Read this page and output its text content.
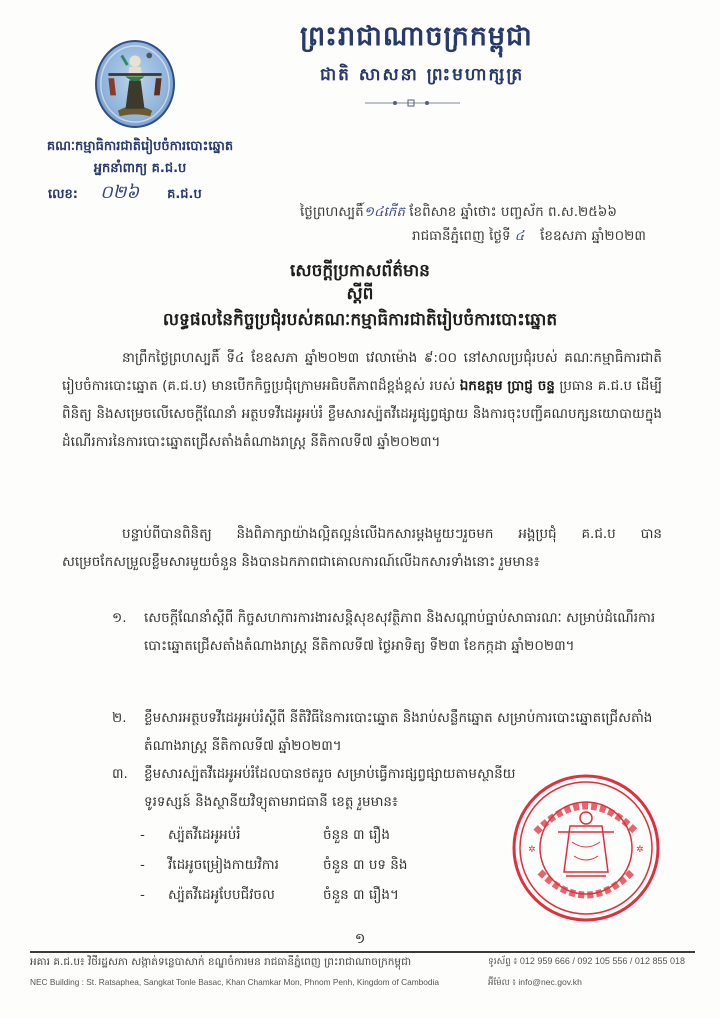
ព្រះរាជាណាចក្រកម្ពុជា
ជាតិ សាសនា ព្រះមហាក្សត្រ
គណៈកម្មាធិការជាតិរៀបចំការបោះឆ្នោត
អ្នកនាំពាក្យ គ.ជ.ប
លេខ: ០២៦ គ.ជ.ប
ថ្ងៃព្រហស្បតិ៍១៤កើត ខែពិសាខ ឆ្នាំថោះ បញ្ចស័ក ព.ស.២៥៦៦
រាជធានីភ្នំពេញ ថ្ងៃទី ៤ ខែឧសភា ឆ្នាំ២០២៣
សេចក្តីប្រកាសព័ត៌មាន
ស្តីពី
លទ្ធផលនៃកិច្ចប្រជុំរបស់គណៈកម្មាធិការជាតិរៀបចំការបោះឆ្នោត
នាព្រឹកថ្ងៃព្រហស្បតិ៍ ទី៤ ខែឧសភា ឆ្នាំ២០២៣ វេលាម៉ោង ៩:០០ នៅសាលប្រជុំរបស់ គណៈកម្មាធិការជាតិរៀបចំការបោះឆ្នោត (គ.ជ.ប) មានបើកកិច្ចប្រជុំក្រោមអធិបតីភាពដ៏ខ្ពង់ខ្ពស់ របស់ ឯកឧត្តម ប្រាជ្ញ ចន្ទ ប្រធាន គ.ជ.ប ដើម្បីពិនិត្យ និងសម្រេចលើសេចក្តីណែនាំ អត្ថបទវីដេអូអប់រំ ខ្លឹមសារស្ប៉តវីដេអូផ្សព្វផ្សាយ និងការចុះបញ្ជីគណបក្សនយោបាយក្នុងដំណើរការនៃការបោះឆ្នោតជ្រើសតាំងតំណាងរាស្ត្រ នីតិកាលទី៧ ឆ្នាំ២០២៣។
បន្ទាប់ពីបានពិនិត្យ និងពិភាក្សាយ៉ាងល្អិតល្អន់លើឯកសារម្តងមួយៗរួចមក អង្គប្រជុំ គ.ជ.ប បានសម្រេចកែសម្រួលខ្លឹមសារមួយចំនួន និងបានឯកភាពជាគោលការណ៍លើឯកសារទាំងនោះ រួមមាន៖
១.	សេចក្តីណែនាំស្តីពី កិច្ចសហការការងារសន្តិសុខសុវត្ថិភាព និងសណ្តាប់ធ្នាប់សាធារណៈ សម្រាប់ដំណើរការបោះឆ្នោតជ្រើសតាំងតំណាងរាស្ត្រ នីតិកាលទី៧ ថ្ងៃអាទិត្យ ទី២៣ ខែកក្កដា ឆ្នាំ២០២៣។
២.	ខ្លឹមសារអត្ថបទវីដេអូអប់រំស្តីពី នីតិវិធីនៃការបោះឆ្នោត និងរាប់សន្លឹកឆ្នោត សម្រាប់ការបោះឆ្នោតជ្រើសតាំងតំណាងរាស្ត្រ នីតិកាលទី៧ ឆ្នាំ២០២៣។
៣.	ខ្លឹមសារស្ប៉តវីដេអូអប់រំដែលបានថតរួច សម្រាប់ធ្វើការផ្សព្វផ្សាយតាមស្ថានីយទូរទស្សន៍ និងស្ថានីយវិទ្យុតាមរាជធានី ខេត្ត រួមមាន៖
-	ស្ប៉តវីដេអូអប់រំ	ចំនួន ៣ រឿង
-	វីដេអូចម្រៀងកាយវិការ	ចំនួន ៣ បទ និង
-	ស្ប៉តវីដេអូបែបជីវចល	ចំនួន ៣ រឿង។
✲	✲
១
អគារ គ.ជ.ប៖ វិថីរដ្ឋសភា សង្កាត់ទន្លេបាសាក់ ខណ្ឌចំការមន រាជធានីភ្នំពេញ ព្រះរាជាណាចក្រកម្ពុជា
NEC Building : St. Ratsaphea, Sangkat Tonle Basac, Khan Chamkar Mon, Phnom Penh, Kingdom of Cambodia
ទូរស័ព្ទ ៖ 012 959 666 / 092 105 556 / 012 855 018
អ៊ីម៉ែល ៖ info@nec.gov.kh
